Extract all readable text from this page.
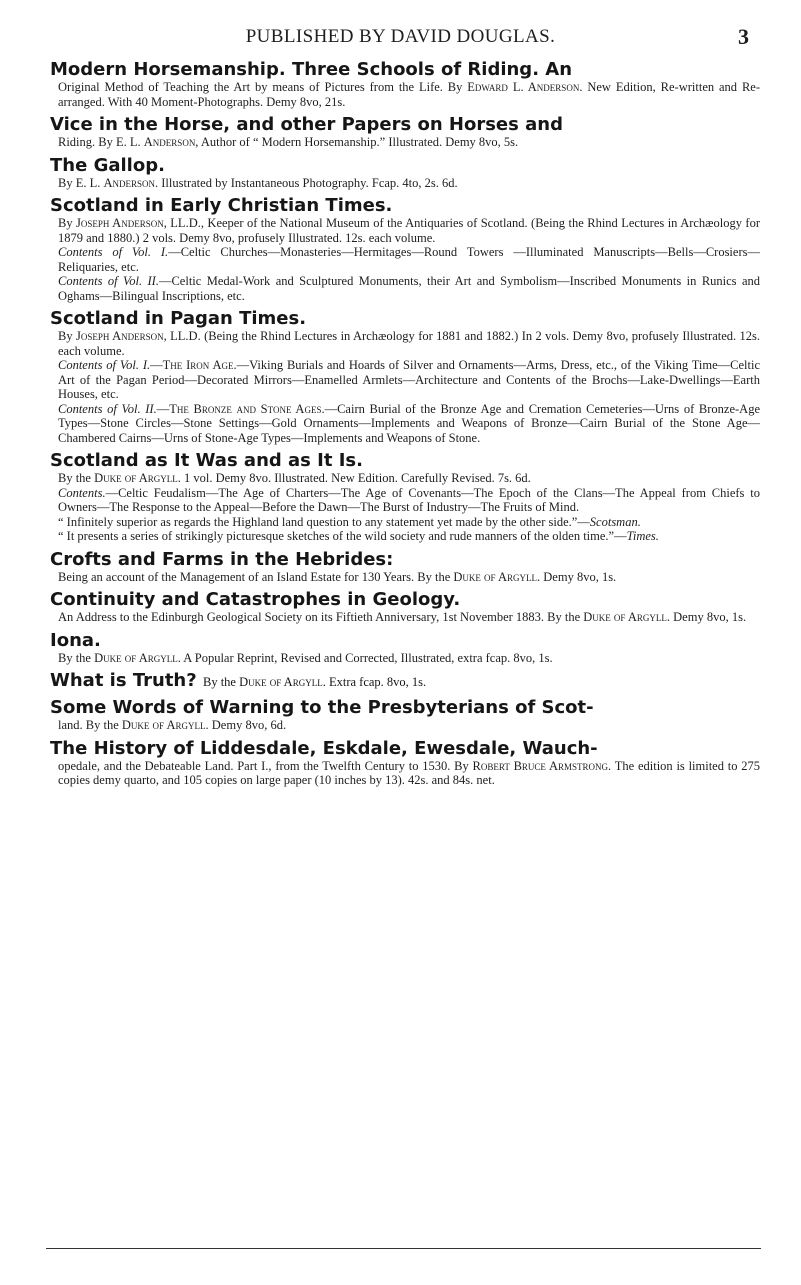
PUBLISHED BY DAVID DOUGLAS.	3

Modern Horsemanship. Three Schools of Riding. An

Original Method of Teaching the Art by means of Pictures from the Life. By Edward L. Anderson. New Edition, Re-written and Re-arranged. With 40 Moment-Photographs. Demy 8vo, 21s.

Vice in the Horse, and other Papers on Horses and

Riding. By E. L. Anderson, Author of “ Modern Horsemanship.” Illustrated. Demy 8vo, 5s.

The Gallop.

By E. L. Anderson. Illustrated by Instantaneous Photography. Fcap. 4to, 2s. 6d.

Scotland in Early Christian Times.

By Joseph Anderson, LL.D., Keeper of the National Museum of the Antiquaries of Scotland. (Being the Rhind Lectures in Archæology for 1879 and 1880.) 2 vols. Demy 8vo, profusely Illustrated. 12s. each volume.

Contents of Vol. I.—Celtic Churches—Monasteries—Hermitages—Round Towers —Illuminated Manuscripts—Bells—Crosiers—Reliquaries, etc.

Contents of Vol. II.—Celtic Medal-Work and Sculptured Monuments, their Art and Symbolism—Inscribed Monuments in Runics and Oghams—Bilingual Inscriptions, etc.

Scotland in Pagan Times.

By Joseph Anderson, LL.D. (Being the Rhind Lectures in Archæology for 1881 and 1882.) In 2 vols. Demy 8vo, profusely Illustrated. 12s. each volume.

Contents of Vol. I.—The Iron Age.—Viking Burials and Hoards of Silver and Ornaments—Arms, Dress, etc., of the Viking Time—Celtic Art of the Pagan Period—Decorated Mirrors—Enamelled Armlets—Architecture and Contents of the Brochs—Lake-Dwellings—Earth Houses, etc.

Contents of Vol. II.—The Bronze and Stone Ages.—Cairn Burial of the Bronze Age and Cremation Cemeteries—Urns of Bronze-Age Types—Stone Circles—Stone Settings—Gold Ornaments—Implements and Weapons of Bronze—Cairn Burial of the Stone Age—Chambered Cairns—Urns of Stone-Age Types—Implements and Weapons of Stone.

Scotland as It Was and as It Is.

By the Duke of Argyll. 1 vol. Demy 8vo. Illustrated. New Edition. Carefully Revised. 7s. 6d.

Contents.—Celtic Feudalism—The Age of Charters—The Age of Covenants—The Epoch of the Clans—The Appeal from Chiefs to Owners—The Response to the Appeal—Before the Dawn—The Burst of Industry—The Fruits of Mind.

“ Infinitely superior as regards the Highland land question to any statement yet made by the other side.”—Scotsman.

“ It presents a series of strikingly picturesque sketches of the wild society and rude manners of the olden time.”—Times.

Crofts and Farms in the Hebrides:

Being an account of the Management of an Island Estate for 130 Years. By the Duke of Argyll. Demy 8vo, 1s.

Continuity and Catastrophes in Geology.

An Address to the Edinburgh Geological Society on its Fiftieth Anniversary, 1st November 1883. By the Duke of Argyll. Demy 8vo, 1s.

Iona.

By the Duke of Argyll. A Popular Reprint, Revised and Corrected, Illustrated, extra fcap. 8vo, 1s.

What is Truth? By the Duke of Argyll. Extra fcap. 8vo, 1s.

Some Words of Warning to the Presbyterians of Scot-

land. By the Duke of Argyll. Demy 8vo, 6d.

The History of Liddesdale, Eskdale, Ewesdale, Wauch-

opedale, and the Debateable Land. Part I., from the Twelfth Century to 1530. By Robert Bruce Armstrong. The edition is limited to 275 copies demy quarto, and 105 copies on large paper (10 inches by 13). 42s. and 84s. net.
